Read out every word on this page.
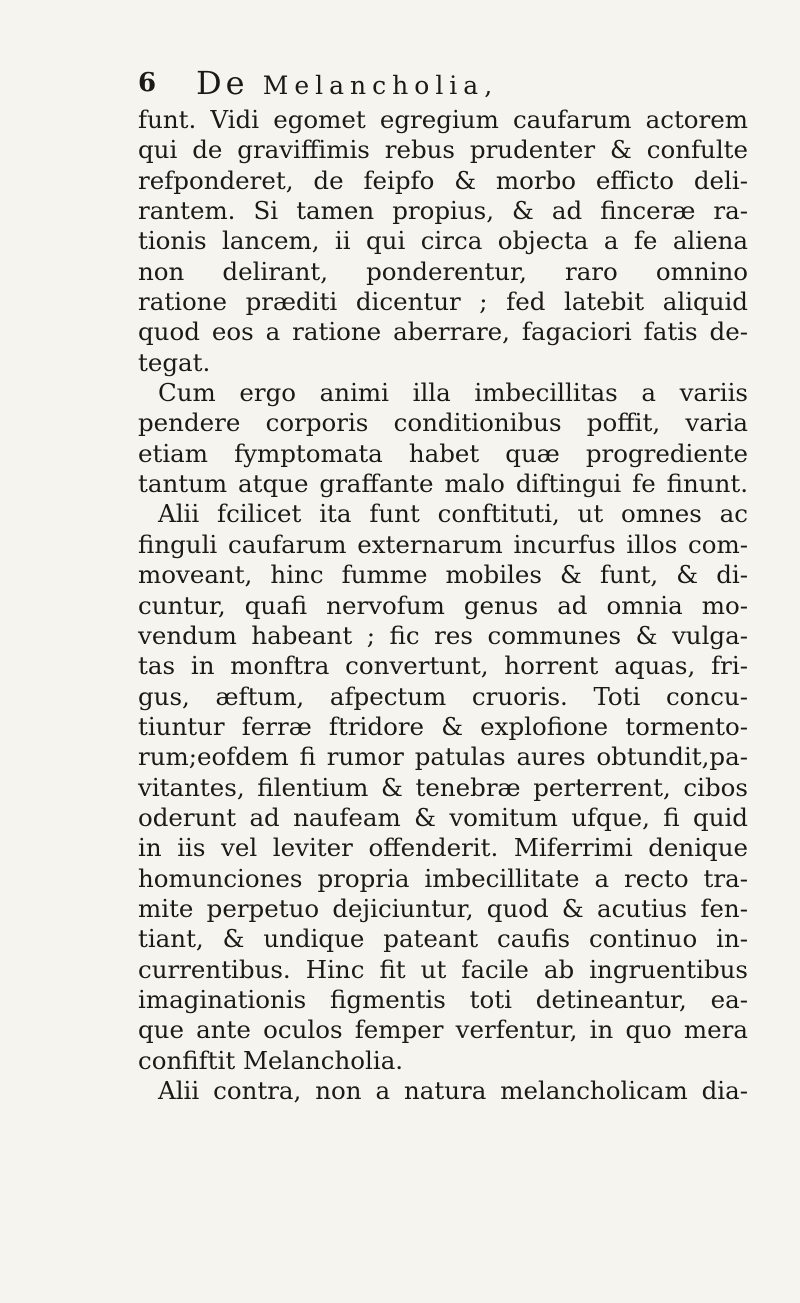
6 De Melancholia,
funt. Vidi egomet egregium caufarum actorem
qui de graviffimis rebus prudenter & confulte
refponderet, de feipfo & morbo efficto deli-
rantem. Si tamen propius, & ad finceræ ra-
tionis lancem, ii qui circa objecta a fe aliena
non delirant, ponderentur, raro omnino
ratione præditi dicentur ; fed latebit aliquid
quod eos a ratione aberrare, fagaciori fatis de-
tegat.
Cum ergo animi illa imbecillitas a variis
pendere corporis conditionibus poffit, varia
etiam fymptomata habet quæ progrediente
tantum atque graffante malo diftingui fe finunt.
Alii fcilicet ita funt conftituti, ut omnes ac
finguli caufarum externarum incurfus illos com-
moveant, hinc fumme mobiles & funt, & di-
cuntur, quafi nervofum genus ad omnia mo-
vendum habeant ; fic res communes & vulga-
tas in monftra convertunt, horrent aquas, fri-
gus, æftum, afpectum cruoris. Toti concu-
tiuntur ferræ ftridore & explofione tormento-
rum;eofdem fi rumor patulas aures obtundit,pa-
vitantes, filentium & tenebræ perterrent, cibos
oderunt ad naufeam & vomitum ufque, fi quid
in iis vel leviter offenderit. Miferrimi denique
homunciones propria imbecillitate a recto tra-
mite perpetuo dejiciuntur, quod & acutius fen-
tiant, & undique pateant caufis continuo in-
currentibus. Hinc fit ut facile ab ingruentibus
imaginationis figmentis toti detineantur, ea-
que ante oculos femper verfentur, in quo mera
confiftit Melancholia.
Alii contra, non a natura melancholicam dia-
